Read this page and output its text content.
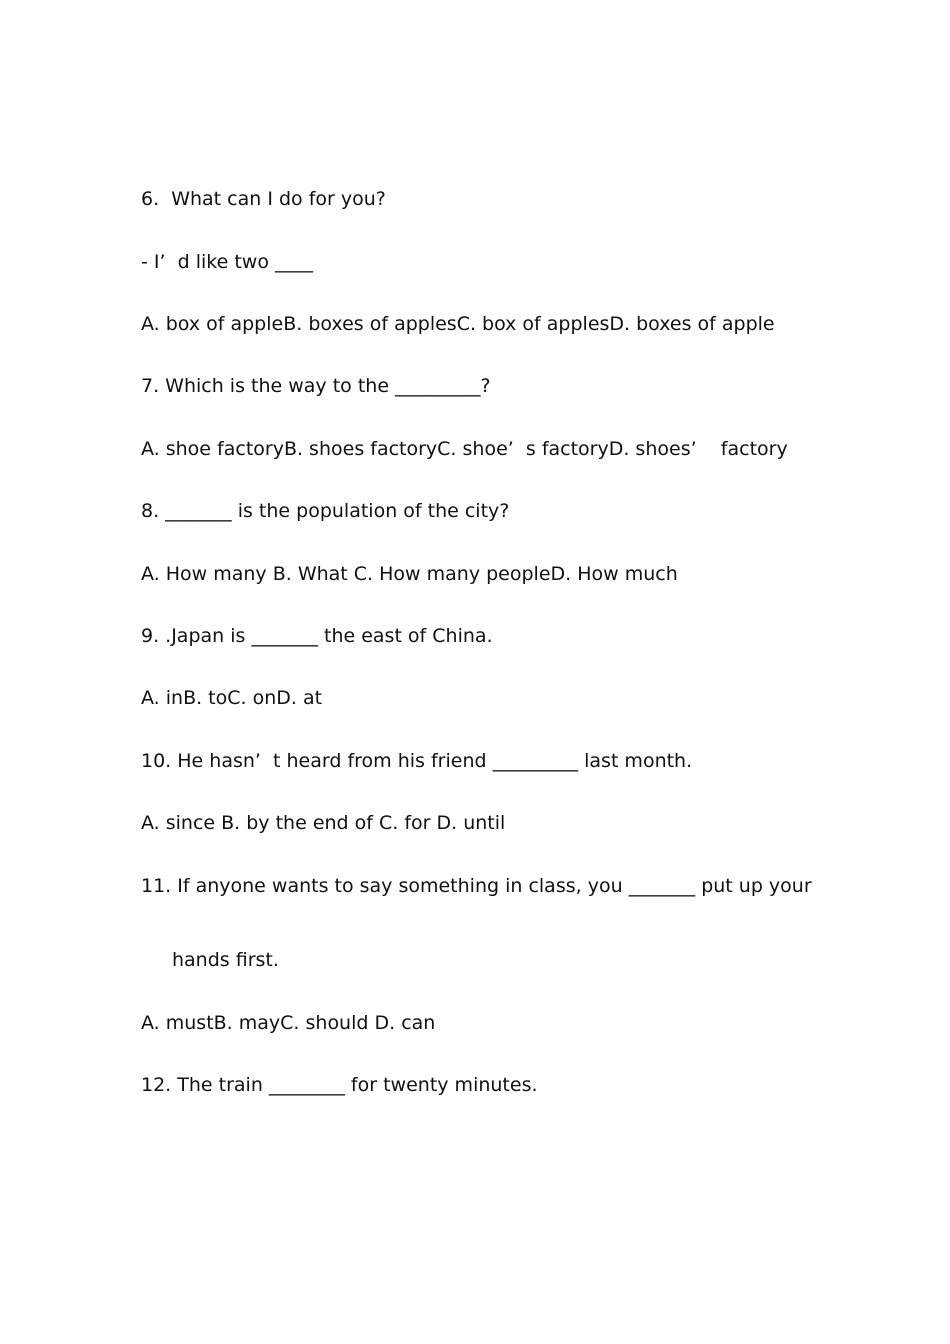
6.  What can I do for you?
- I’  d like two ____
A. box of appleB. boxes of applesC. box of applesD. boxes of apple
7. Which is the way to the _________?
A. shoe factoryB. shoes factoryC. shoe’  s factoryD. shoes’    factory
8. _______ is the population of the city?
A. How many B. What C. How many peopleD. How much
9. .Japan is _______ the east of China.
A. inB. toC. onD. at
10. He hasn’  t heard from his friend _________ last month.
A. since B. by the end of C. for D. until
11. If anyone wants to say something in class, you _______ put up your
hands first.
A. mustB. mayC. should D. can
12. The train ________ for twenty minutes.
